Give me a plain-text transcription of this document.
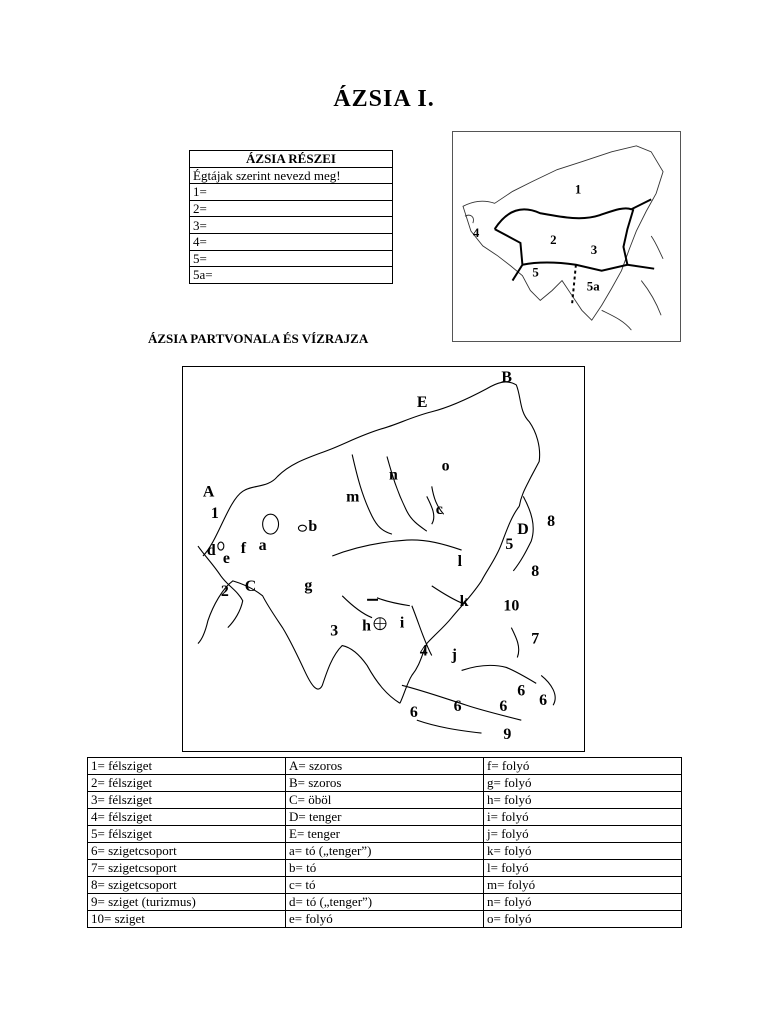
ÁZSIA I.
ÁZSIA RÉSZEI
Égtájak szerint nevezd meg!
1=
2=
3=
4=
5=
5a=
1
2
3
4
5
5a
ÁZSIA PARTVONALA ÉS VÍZRAJZA
A
B
C
D
E
a
b
c
d e
f
g
h i
j
k
l
m
n
o
1
2
3
4
5
6 6 6
6
6
7
8
8
9
10
1= félsziget	A= szoros	f= folyó
2= félsziget	B= szoros	g= folyó
3= félsziget	C= öböl	h= folyó
4= félsziget	D= tenger	i= folyó
5= félsziget	E= tenger	j= folyó
6= szigetcsoport	a= tó („tenger”)	k= folyó
7= szigetcsoport	b= tó	l= folyó
8= szigetcsoport	c= tó	m= folyó
9= sziget (turizmus)	d= tó („tenger”)	n= folyó
10= sziget	e= folyó	o= folyó
